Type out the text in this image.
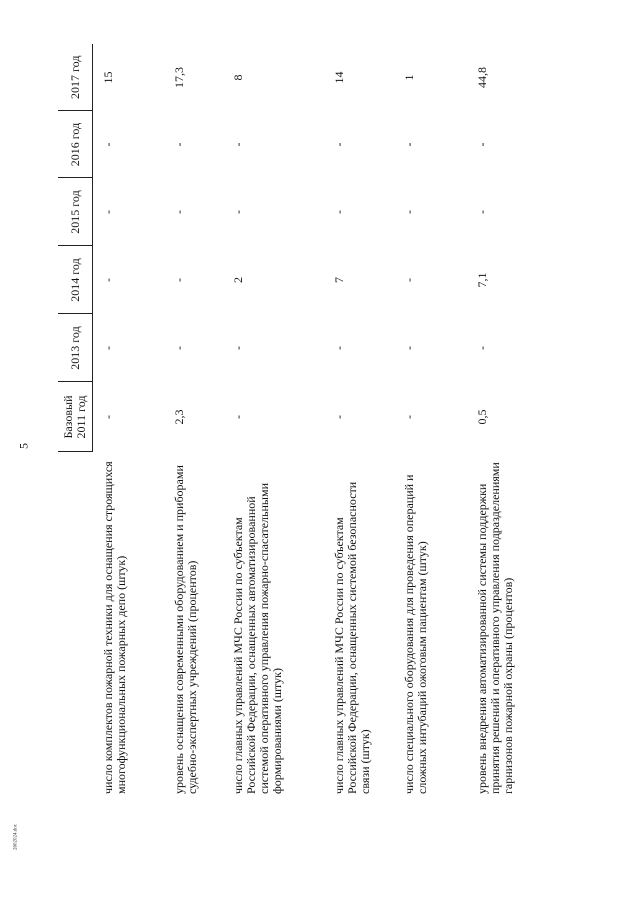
5
2602024.doc
	Базовый 2011 год	2013 год	2014 год	2015 год	2016 год	2017 год
число комплектов пожарной техники для оснащения строящихся многофункциональных пожарных депо (штук)	-	-	-	-	-	15
уровень оснащения современными оборудованием и приборами судебно-экспертных учреждений (процентов)	2,3	-	-	-	-	17,3
число главных управлений МЧС России по субъектам Российской Федерации, оснащенных автоматизированной системой оперативного управления пожарно-спасательными формированиями (штук)	-	-	2	-	-	8
число главных управлений МЧС России по субъектам Российской Федерации, оснащенных системой безопасности связи (штук)	-	-	7	-	-	14
число специального оборудования для проведения операций и сложных интубаций ожоговым пациентам (штук)	-	-	-	-	-	1
уровень внедрения автоматизированной системы поддержки принятия решений и оперативного управления подразделениями гарнизонов пожарной охраны (процентов)	0,5	-	7,1	-	-	44,8
